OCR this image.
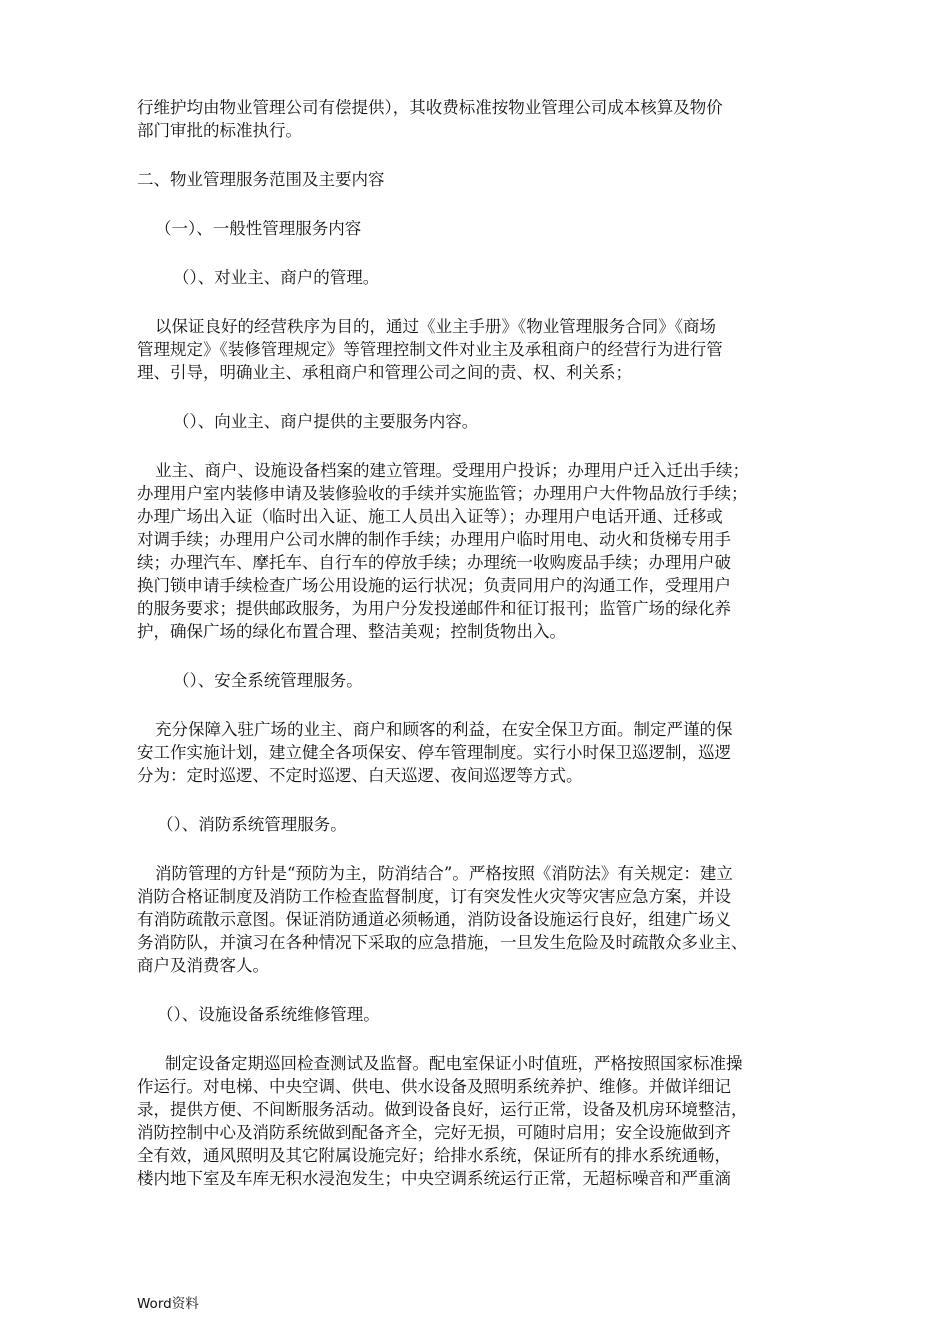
行维护均由物业管理公司有偿提供），其收费标准按物业管理公司成本核算及物价
部门审批的标准执行。
二、物业管理服务范围及主要内容
（一）、一般性管理服务内容
（）、对业主、商户的管理。
以保证良好的经营秩序为目的，通过《业主手册》《物业管理服务合同》《商场
管理规定》《装修管理规定》等管理控制文件对业主及承租商户的经营行为进行管
理、引导，明确业主、承租商户和管理公司之间的责、权、利关系；
（）、向业主、商户提供的主要服务内容。
业主、商户、设施设备档案的建立管理。受理用户投诉；办理用户迁入迁出手续；
办理用户室内装修申请及装修验收的手续并实施监管；办理用户大件物品放行手续；
办理广场出入证（临时出入证、施工人员出入证等）；办理用户电话开通、迁移或
对调手续；办理用户公司水牌的制作手续；办理用户临时用电、动火和货梯专用手
续；办理汽车、摩托车、自行车的停放手续；办理统一收购废品手续；办理用户破
换门锁申请手续检查广场公用设施的运行状况；负责同用户的沟通工作，受理用户
的服务要求；提供邮政服务，为用户分发投递邮件和征订报刊；监管广场的绿化养
护，确保广场的绿化布置合理、整洁美观；控制货物出入。
（）、安全系统管理服务。
充分保障入驻广场的业主、商户和顾客的利益，在安全保卫方面。制定严谨的保
安工作实施计划，建立健全各项保安、停车管理制度。实行小时保卫巡逻制，巡逻
分为：定时巡逻、不定时巡逻、白天巡逻、夜间巡逻等方式。
（）、消防系统管理服务。
消防管理的方针是“预防为主，防消结合”。严格按照《消防法》有关规定：建立
消防合格证制度及消防工作检查监督制度，订有突发性火灾等灾害应急方案，并设
有消防疏散示意图。保证消防通道必须畅通，消防设备设施运行良好，组建广场义
务消防队，并演习在各种情况下采取的应急措施，一旦发生危险及时疏散众多业主、
商户及消费客人。
（）、设施设备系统维修管理。
制定设备定期巡回检查测试及监督。配电室保证小时值班，严格按照国家标准操
作运行。对电梯、中央空调、供电、供水设备及照明系统养护、维修。并做详细记
录，提供方便、不间断服务活动。做到设备良好，运行正常，设备及机房环境整洁，
消防控制中心及消防系统做到配备齐全，完好无损，可随时启用；安全设施做到齐
全有效，通风照明及其它附属设施完好；给排水系统，保证所有的排水系统通畅，
楼内地下室及车库无积水浸泡发生；中央空调系统运行正常，无超标噪音和严重滴
Word资料
